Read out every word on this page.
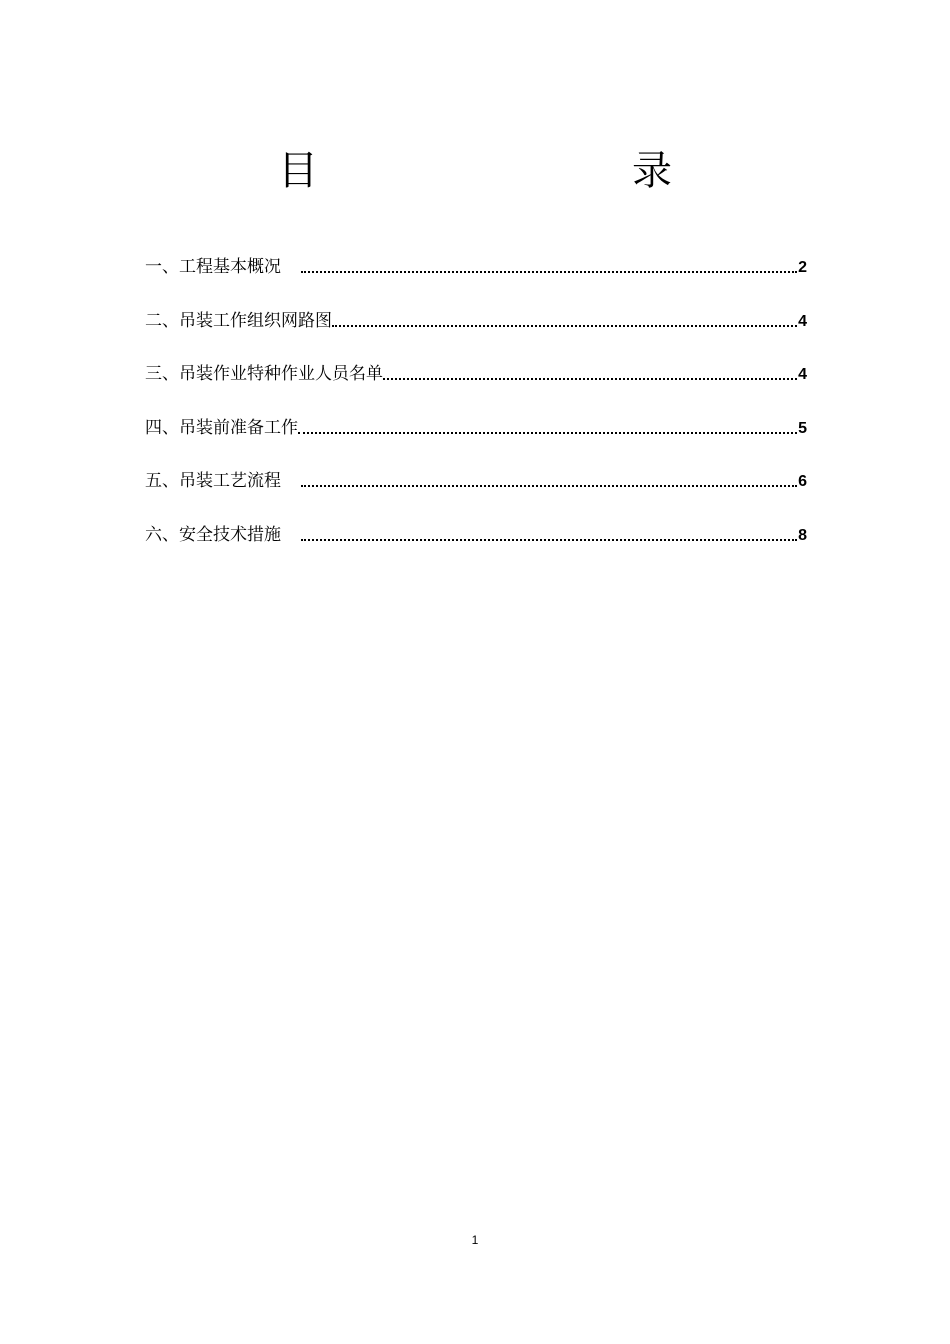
目　　录
一、工程基本概况	2
二、吊装工作组织网路图	4
三、吊装作业特种作业人员名单	4
四、吊装前准备工作	5
五、吊装工艺流程	6
六、安全技术措施	8
1
